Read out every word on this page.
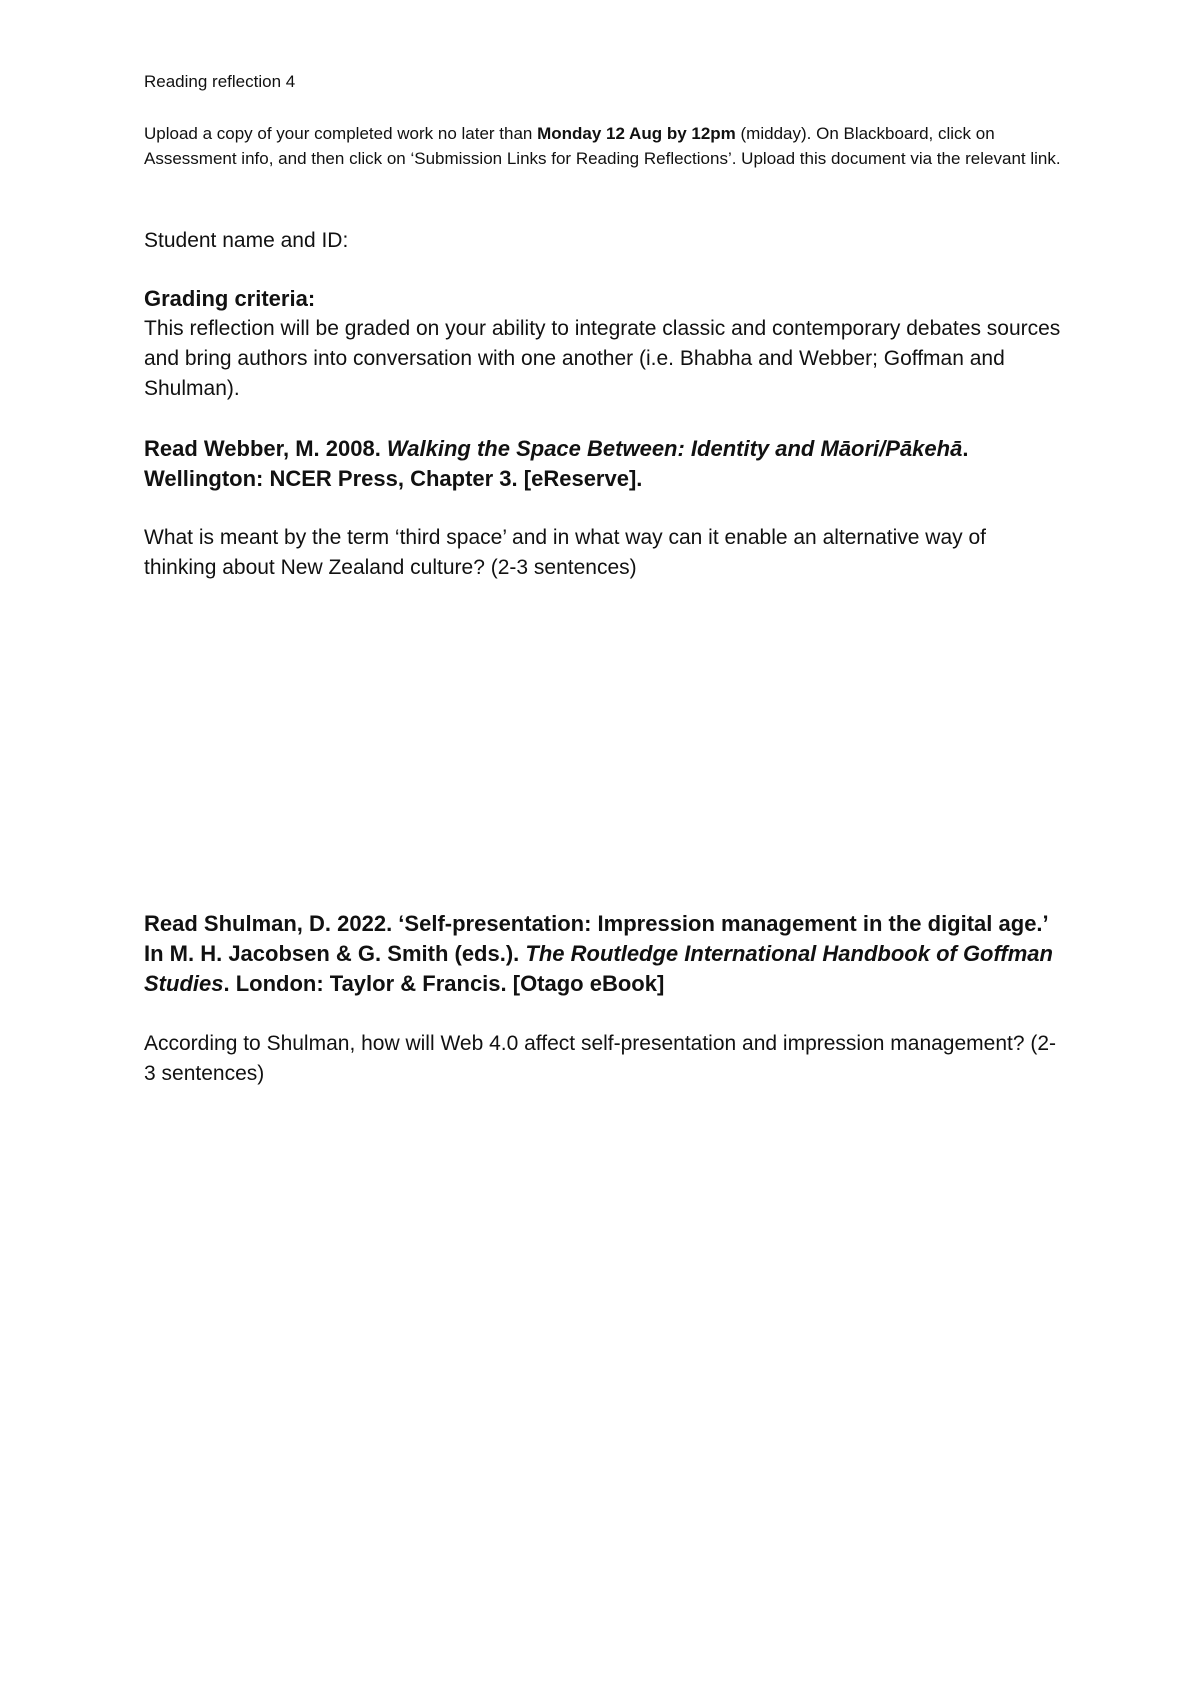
Reading reflection 4

Upload a copy of your completed work no later than Monday 12 Aug by 12pm (midday). On Blackboard, click on Assessment info, and then click on ‘Submission Links for Reading Reflections’. Upload this document via the relevant link.

Student name and ID:

Grading criteria:

This reflection will be graded on your ability to integrate classic and contemporary debates sources and bring authors into conversation with one another (i.e. Bhabha and Webber; Goffman and Shulman).

Read Webber, M. 2008. Walking the Space Between: Identity and Māori/Pākehā. Wellington: NCER Press, Chapter 3. [eReserve].

What is meant by the term ‘third space’ and in what way can it enable an alternative way of thinking about New Zealand culture? (2-3 sentences)

Read Shulman, D. 2022. ‘Self-presentation: Impression management in the digital age.’ In M. H. Jacobsen & G. Smith (eds.). The Routledge International Handbook of Goffman Studies. London: Taylor & Francis. [Otago eBook]

According to Shulman, how will Web 4.0 affect self-presentation and impression management? (2-3 sentences)
